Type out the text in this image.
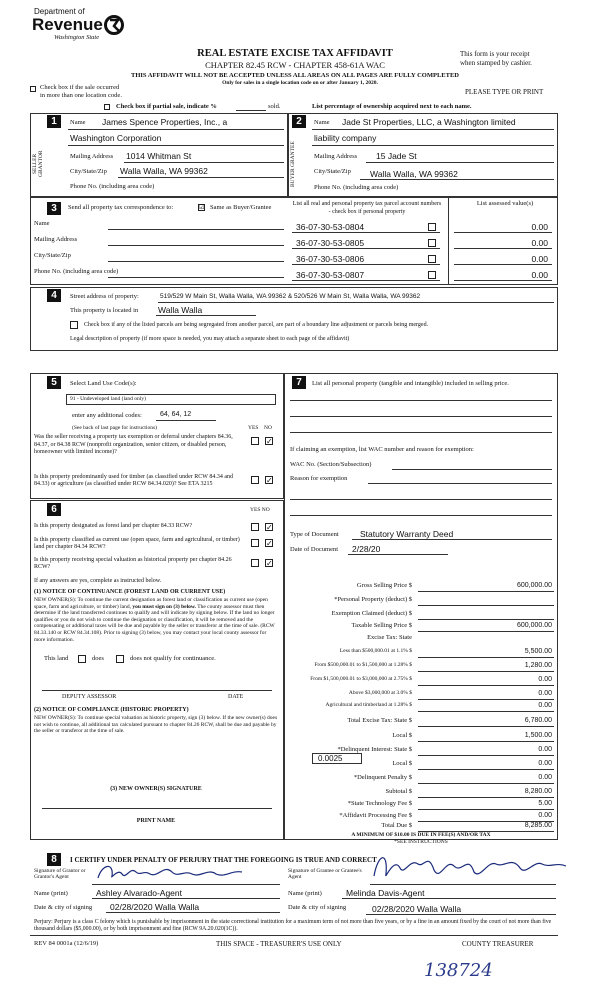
Department of
Revenue
Washington State
REAL ESTATE EXCISE TAX AFFIDAVIT
CHAPTER 82.45 RCW - CHAPTER 458-61A WAC
THIS AFFIDAVIT WILL NOT BE ACCEPTED UNLESS ALL AREAS ON ALL PAGES ARE FULLY COMPLETED
Only for sales in a single location code on or after January 1, 2020.
This form is your receipt
when stamped by cashier.
PLEASE TYPE OR PRINT
Check box if the sale occurred
in more than one location code.
Check box if partial sale, indicate %	sold.	List percentage of ownership acquired next to each name.
1
SELLER GRANTOR
Name James Spence Properties, Inc., a
Washington Corporation
Mailing Address 1014 Whitman St
City/State/Zip Walla Walla, WA 99362
Phone No. (including area code)
2
BUYER GRANTEE
Name Jade St Properties, LLC, a Washington limited
liability company
Mailing Address 15 Jade St
City/State/Zip Walla Walla, WA 99362
Phone No. (including area code)
3	Send all property tax correspondence to:	☑ Same as Buyer/Grantee
Name
Mailing Address
City/State/Zip
Phone No. (including area code)
List all real and personal property tax parcel account numbers - check box if personal property
List assessed value(s)
36-07-30-53-0804	0.00
36-07-30-53-0805	0.00
36-07-30-53-0806	0.00
36-07-30-53-0807	0.00
4	Street address of property:	519/529 W Main St, Walla Walla, WA 99362 & 520/526 W Main St, Walla Walla, WA 99362
This property is located in Walla Walla
Check box if any of the listed parcels are being segregated from another parcel, are part of a boundary line adjustment or parcels being merged.
Legal description of property (if more space is needed, you may attach a separate sheet to each page of the affidavit)
5	Select Land Use Code(s):
91 - Undeveloped land (land only)
enter any additional codes:	64, 64, 12
(See back of last page for instructions)	YES NO
Was the seller receiving a property tax exemption or deferral under chapters 84.36, 84.37, or 84.38 RCW (nonprofit organization, senior citizen, or disabled person, homeowner with limited income)?
✓
Is this property predominantly used for timber (as classified under RCW 84.34 and 84.33) or agriculture (as classified under RCW 84.34.020)? See ETA 3215	✓
6	YES NO
Is this property designated as forest land per chapter 84.33 RCW?	✓
Is this property classified as current use (open space, farm and agricultural, or timber) land per chapter 84.34 RCW?	✓
Is this property receiving special valuation as historical property per chapter 84.26 RCW?	✓
If any answers are yes, complete as instructed below.
(1) NOTICE OF CONTINUANCE (FOREST LAND OR CURRENT USE)
NEW OWNER(S): To continue the current designation as forest land or classification as current use (open space, farm and agriculture, or timber) land, you must sign on (3) below. The county assessor must then determine if the land transferred continues to qualify and will indicate by signing below. If the land no longer qualifies or you do not wish to continue the designation or classification, it will be removed and the compensating or additional taxes will be due and payable by the seller or transferor at the time of sale. (RCW 84.33.140 or RCW 84.34.108). Prior to signing (3) below, you may contact your local county assessor for more information.
This land	does	does not qualify for continuance.
DEPUTY ASSESSOR	DATE
(2) NOTICE OF COMPLIANCE (HISTORIC PROPERTY)
NEW OWNER(S): To continue special valuation as historic property, sign (3) below. If the new owner(s) does not wish to continue, all additional tax calculated pursuant to chapter 84.26 RCW, shall be due and payable by the seller or transferor at the time of sale.
(3) NEW OWNER(S) SIGNATURE
PRINT NAME
7	List all personal property (tangible and intangible) included in selling price.
If claiming an exemption, list WAC number and reason for exemption:
WAC No. (Section/Subsection)
Reason for exemption
Type of Document	Statutory Warranty Deed
Date of Document 2/28/20
Gross Selling Price $	600,000.00
*Personal Property (deduct) $
Exemption Claimed (deduct) $
Taxable Selling Price $	600,000.00
Excise Tax: State
Less than $500,000.01 at 1.1% $	5,500.00
From $500,000.01 to $1,500,000 at 1.28% $	1,280.00
From $1,500,000.01 to $3,000,000 at 2.75% $	0.00
Above $3,000,000 at 3.0% $	0.00
Agricultural and timberland at 1.28% $	0.00
Total Excise Tax: State $	6,780.00
Local $	1,500.00
*Delinquent Interest: State $	0.00
Local $	0.00
*Delinquent Penalty $	0.00
Subtotal $	8,280.00
*State Technology Fee $	5.00
*Affidavit Processing Fee $	0.00
Total Due $	8,285.00
0.0025
A MINIMUM OF $10.00 IS DUE IN FEE(S) AND/OR TAX
*SEE INSTRUCTIONS
8	I CERTIFY UNDER PENALTY OF PERJURY THAT THE FOREGOING IS TRUE AND CORRECT
Signature of Grantor or Grantor's Agent
Signature of Grantee or Grantee's Agent
Name (print)	Ashley Alvarado-Agent	Name (print)	Melinda Davis-Agent
Date & city of signing 02/28/2020 Walla Walla	Date & city of signing	02/28/2020 Walla Walla
Perjury: Perjury is a class C felony which is punishable by imprisonment in the state correctional institution for a maximum term of not more than five years, or by a fine in an amount fixed by the court of not more than five thousand dollars ($5,000.00), or by both imprisonment and fine (RCW 9A.20.020(1C)).
REV 84 0001a (12/6/19)	THIS SPACE - TREASURER'S USE ONLY	COUNTY TREASURER
138724
